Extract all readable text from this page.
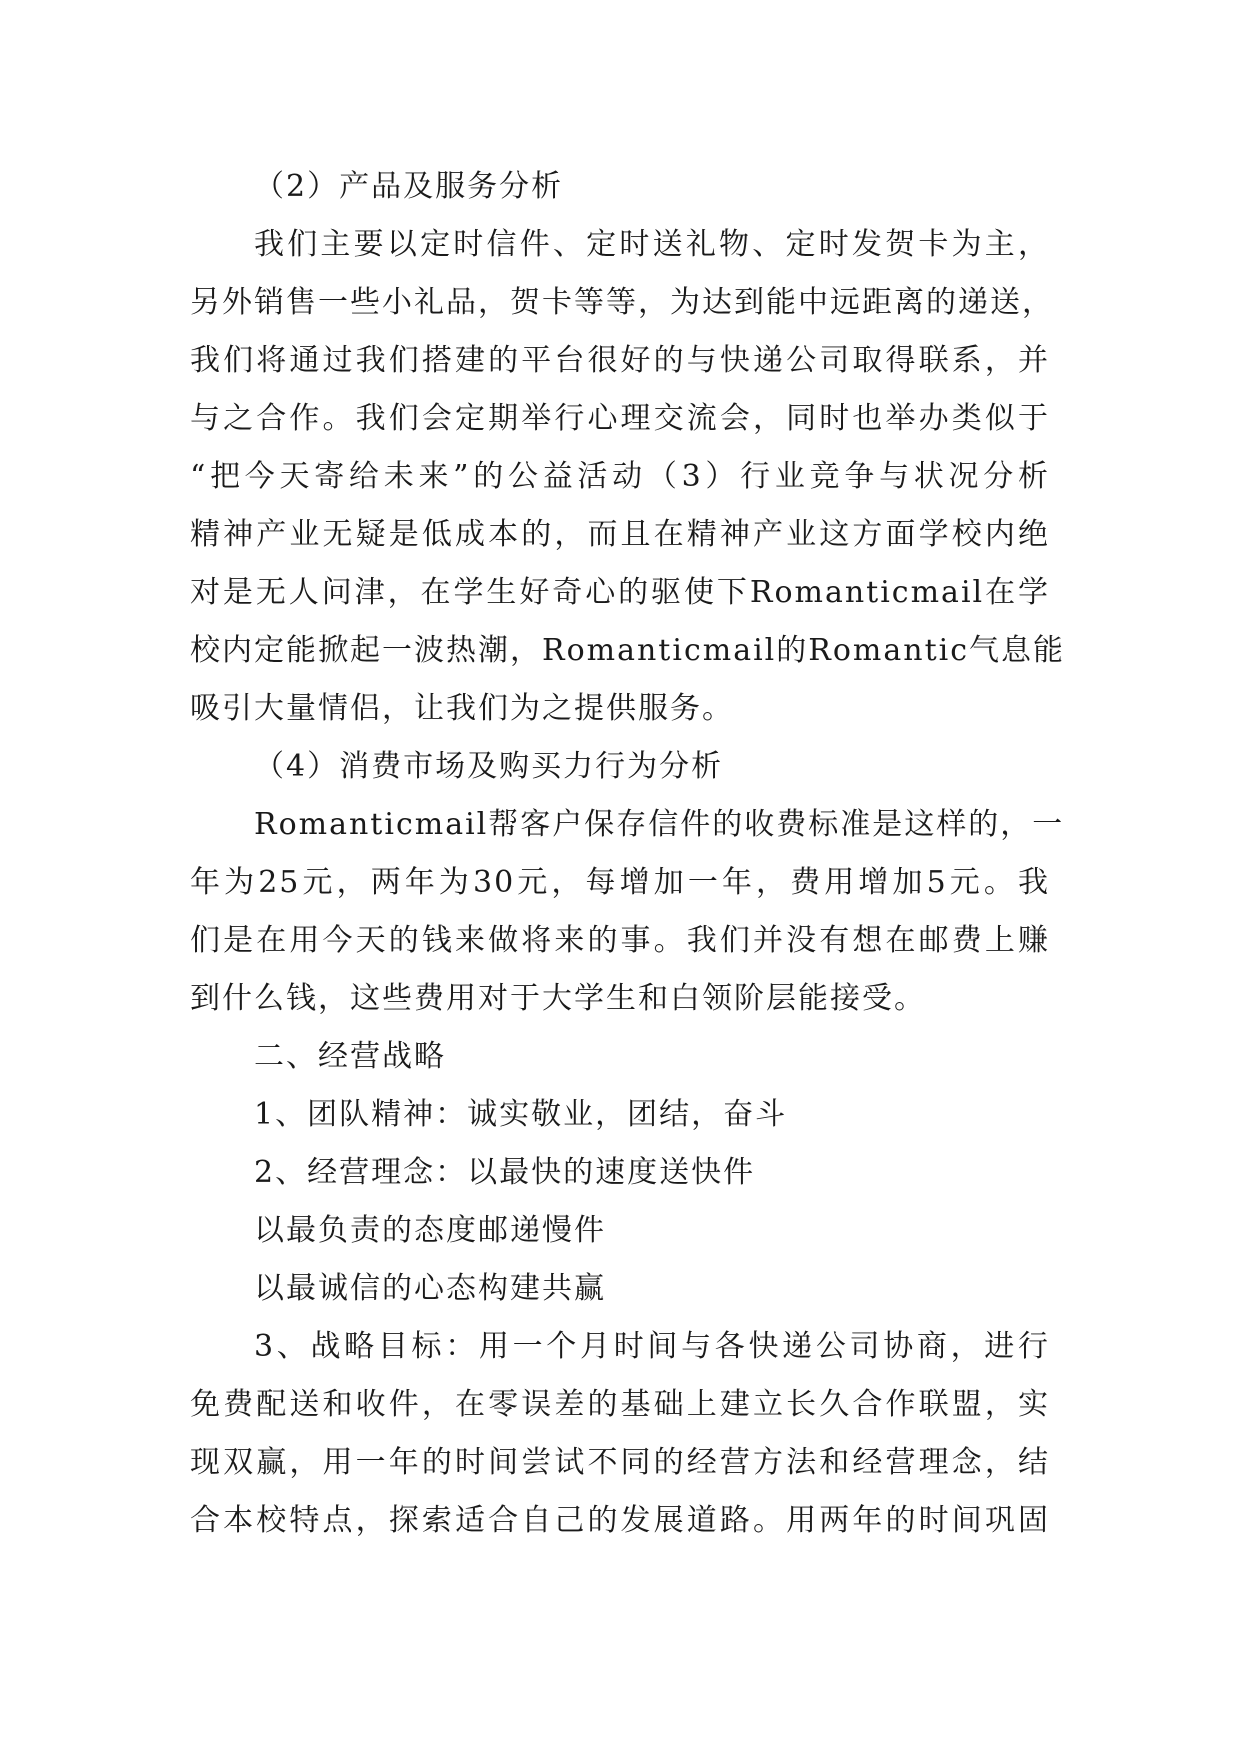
（2）产品及服务分析
我们主要以定时信件、定时送礼物、定时发贺卡为主，
另外销售一些小礼品，贺卡等等，为达到能中远距离的递送，
我们将通过我们搭建的平台很好的与快递公司取得联系，并
与之合作。我们会定期举行心理交流会，同时也举办类似于
“把今天寄给未来”的公益活动（3）行业竞争与状况分析
精神产业无疑是低成本的，而且在精神产业这方面学校内绝
对是无人问津，在学生好奇心的驱使下Romanticmail在学
校内定能掀起一波热潮，Romanticmail的Romantic气息能
吸引大量情侣，让我们为之提供服务。
（4）消费市场及购买力行为分析
Romanticmail帮客户保存信件的收费标准是这样的，一
年为25元，两年为30元，每增加一年，费用增加5元。我
们是在用今天的钱来做将来的事。我们并没有想在邮费上赚
到什么钱，这些费用对于大学生和白领阶层能接受。
二、经营战略
1、团队精神：诚实敬业，团结，奋斗
2、经营理念：以最快的速度送快件
以最负责的态度邮递慢件
以最诚信的心态构建共赢
3、战略目标：用一个月时间与各快递公司协商，进行
免费配送和收件，在零误差的基础上建立长久合作联盟，实
现双赢，用一年的时间尝试不同的经营方法和经营理念，结
合本校特点，探索适合自己的发展道路。用两年的时间巩固
